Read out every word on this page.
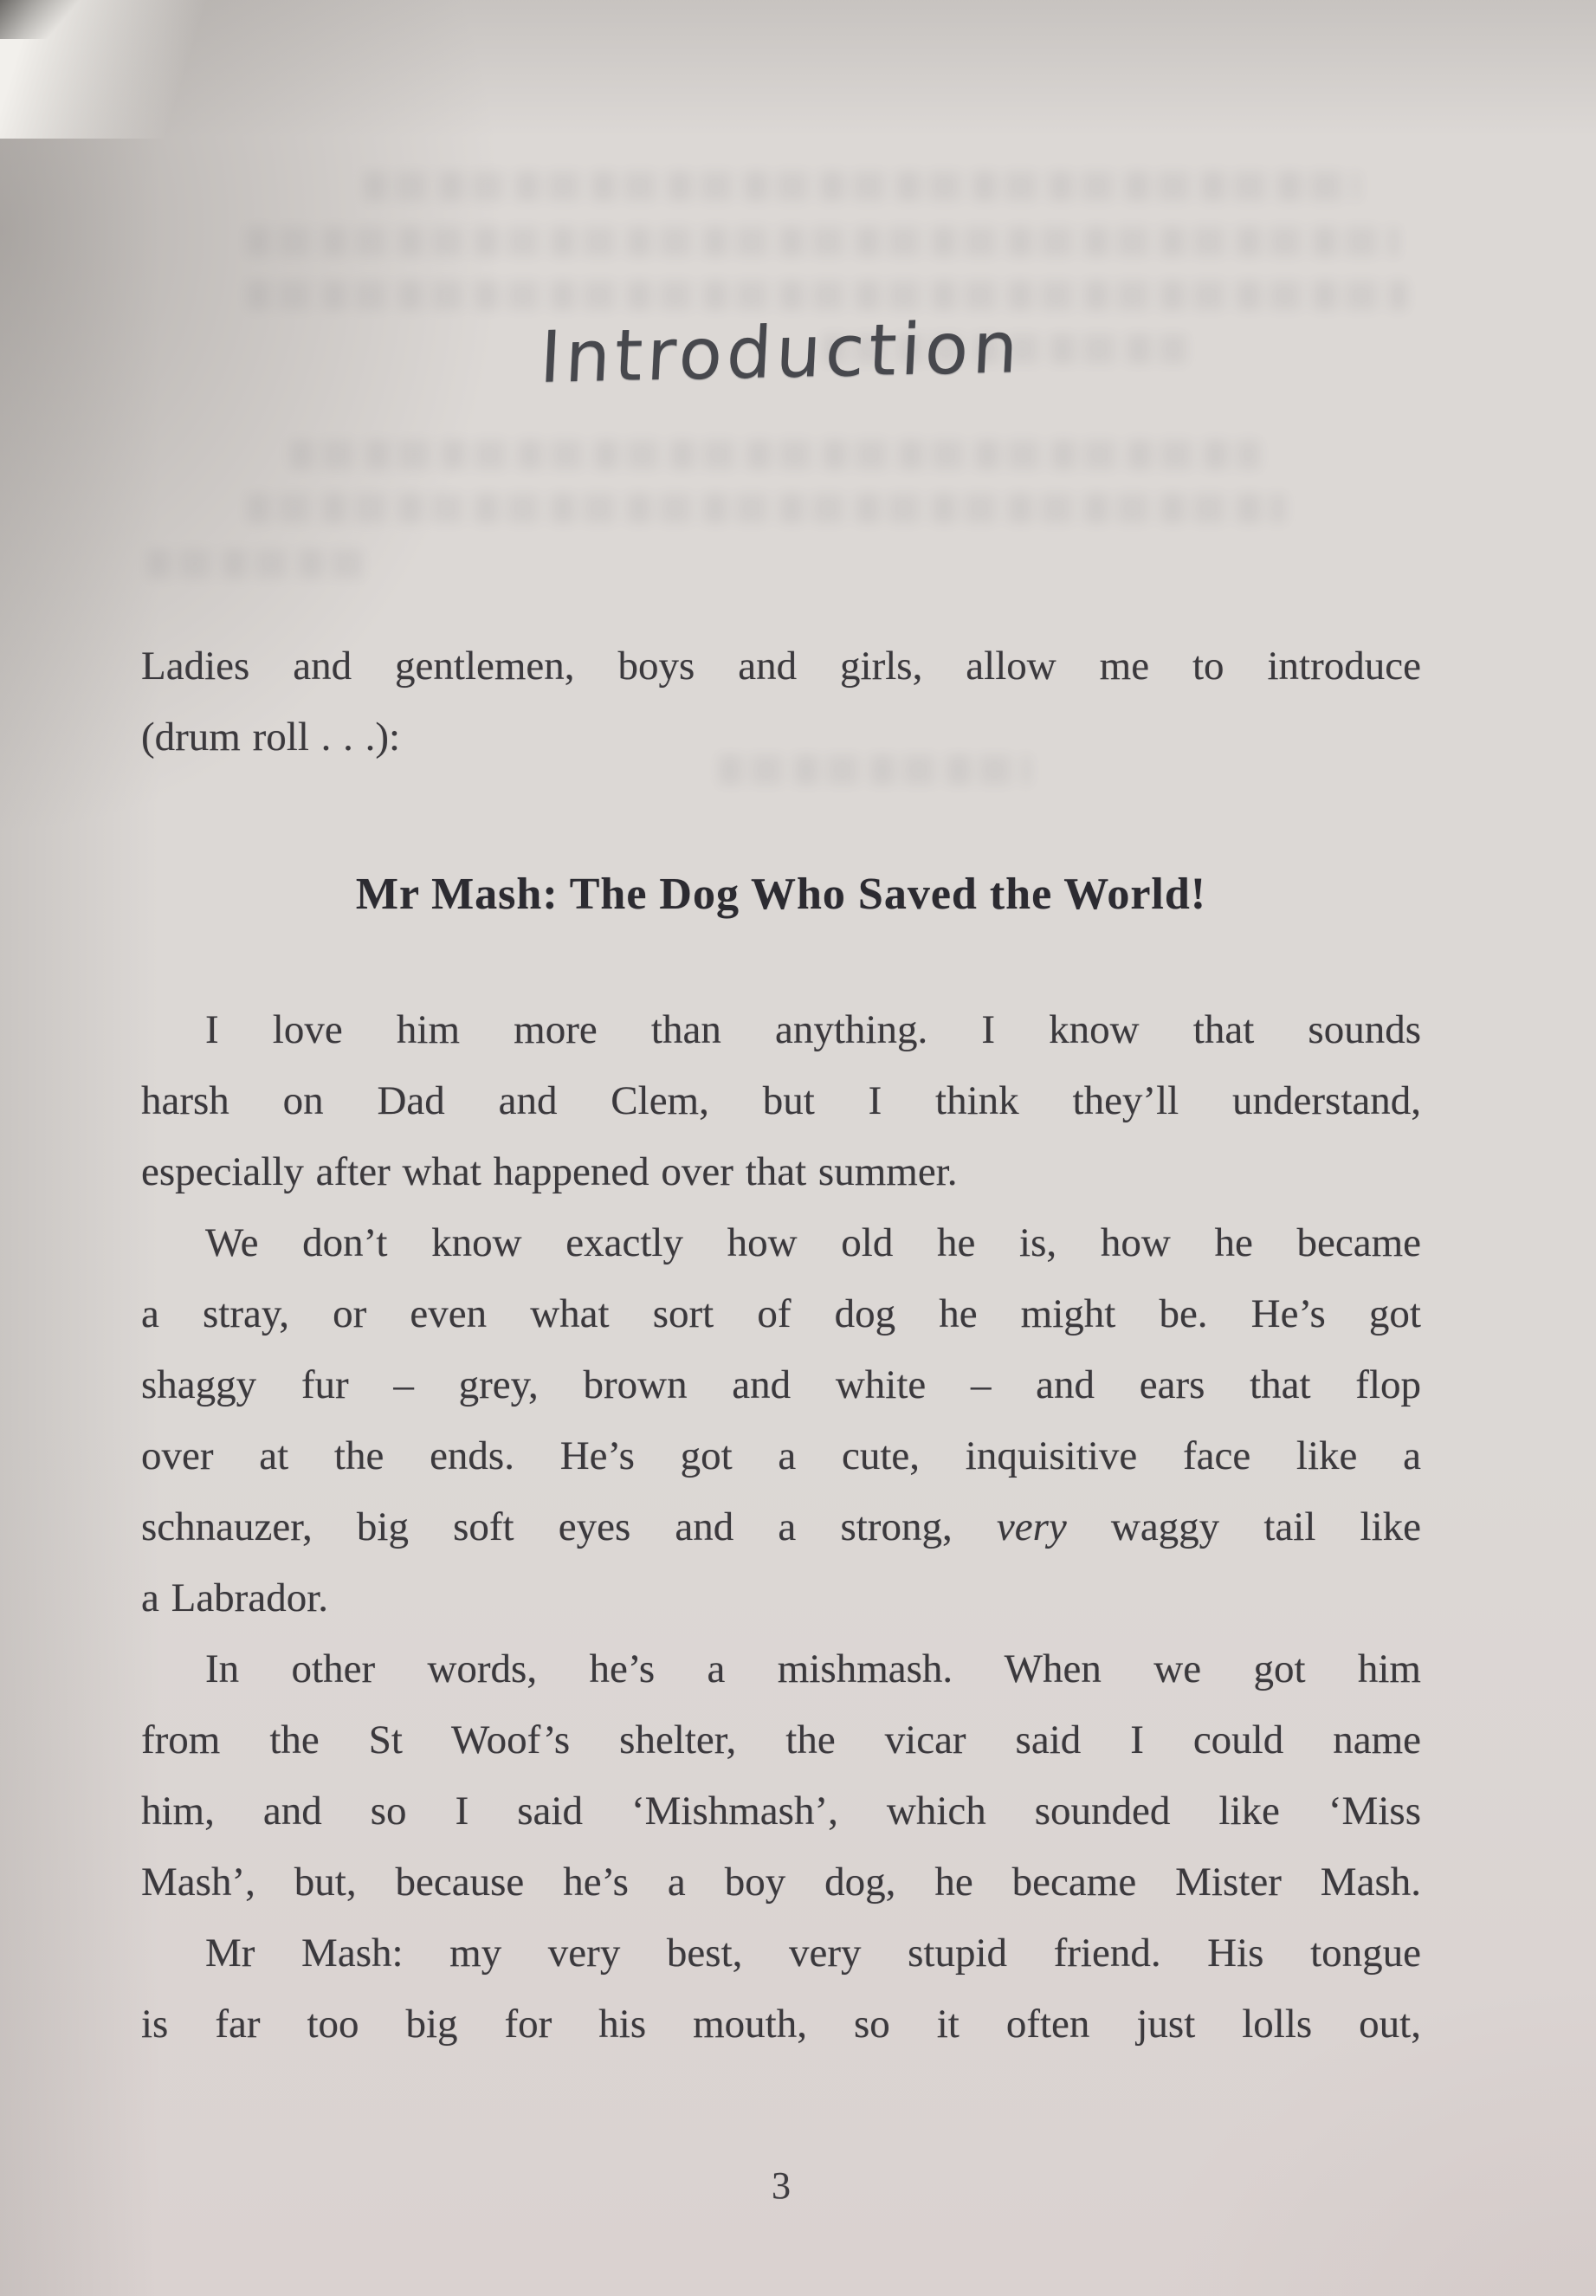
Introduction
Ladies and gentlemen, boys and girls, allow me to introduce
(drum roll . . .):
Mr Mash: The Dog Who Saved the World!
I love him more than anything. I know that sounds
harsh on Dad and Clem, but I think they’ll understand,
especially after what happened over that summer.
We don’t know exactly how old he is, how he became
a stray, or even what sort of dog he might be. He’s got
shaggy fur – grey, brown and white – and ears that flop
over at the ends. He’s got a cute, inquisitive face like a
schnauzer, big soft eyes and a strong, very waggy tail like
a Labrador.
In other words, he’s a mishmash. When we got him
from the St Woof’s shelter, the vicar said I could name
him, and so I said ‘Mishmash’, which sounded like ‘Miss
Mash’, but, because he’s a boy dog, he became Mister Mash.
Mr Mash: my very best, very stupid friend. His tongue
is far too big for his mouth, so it often just lolls out,
3
